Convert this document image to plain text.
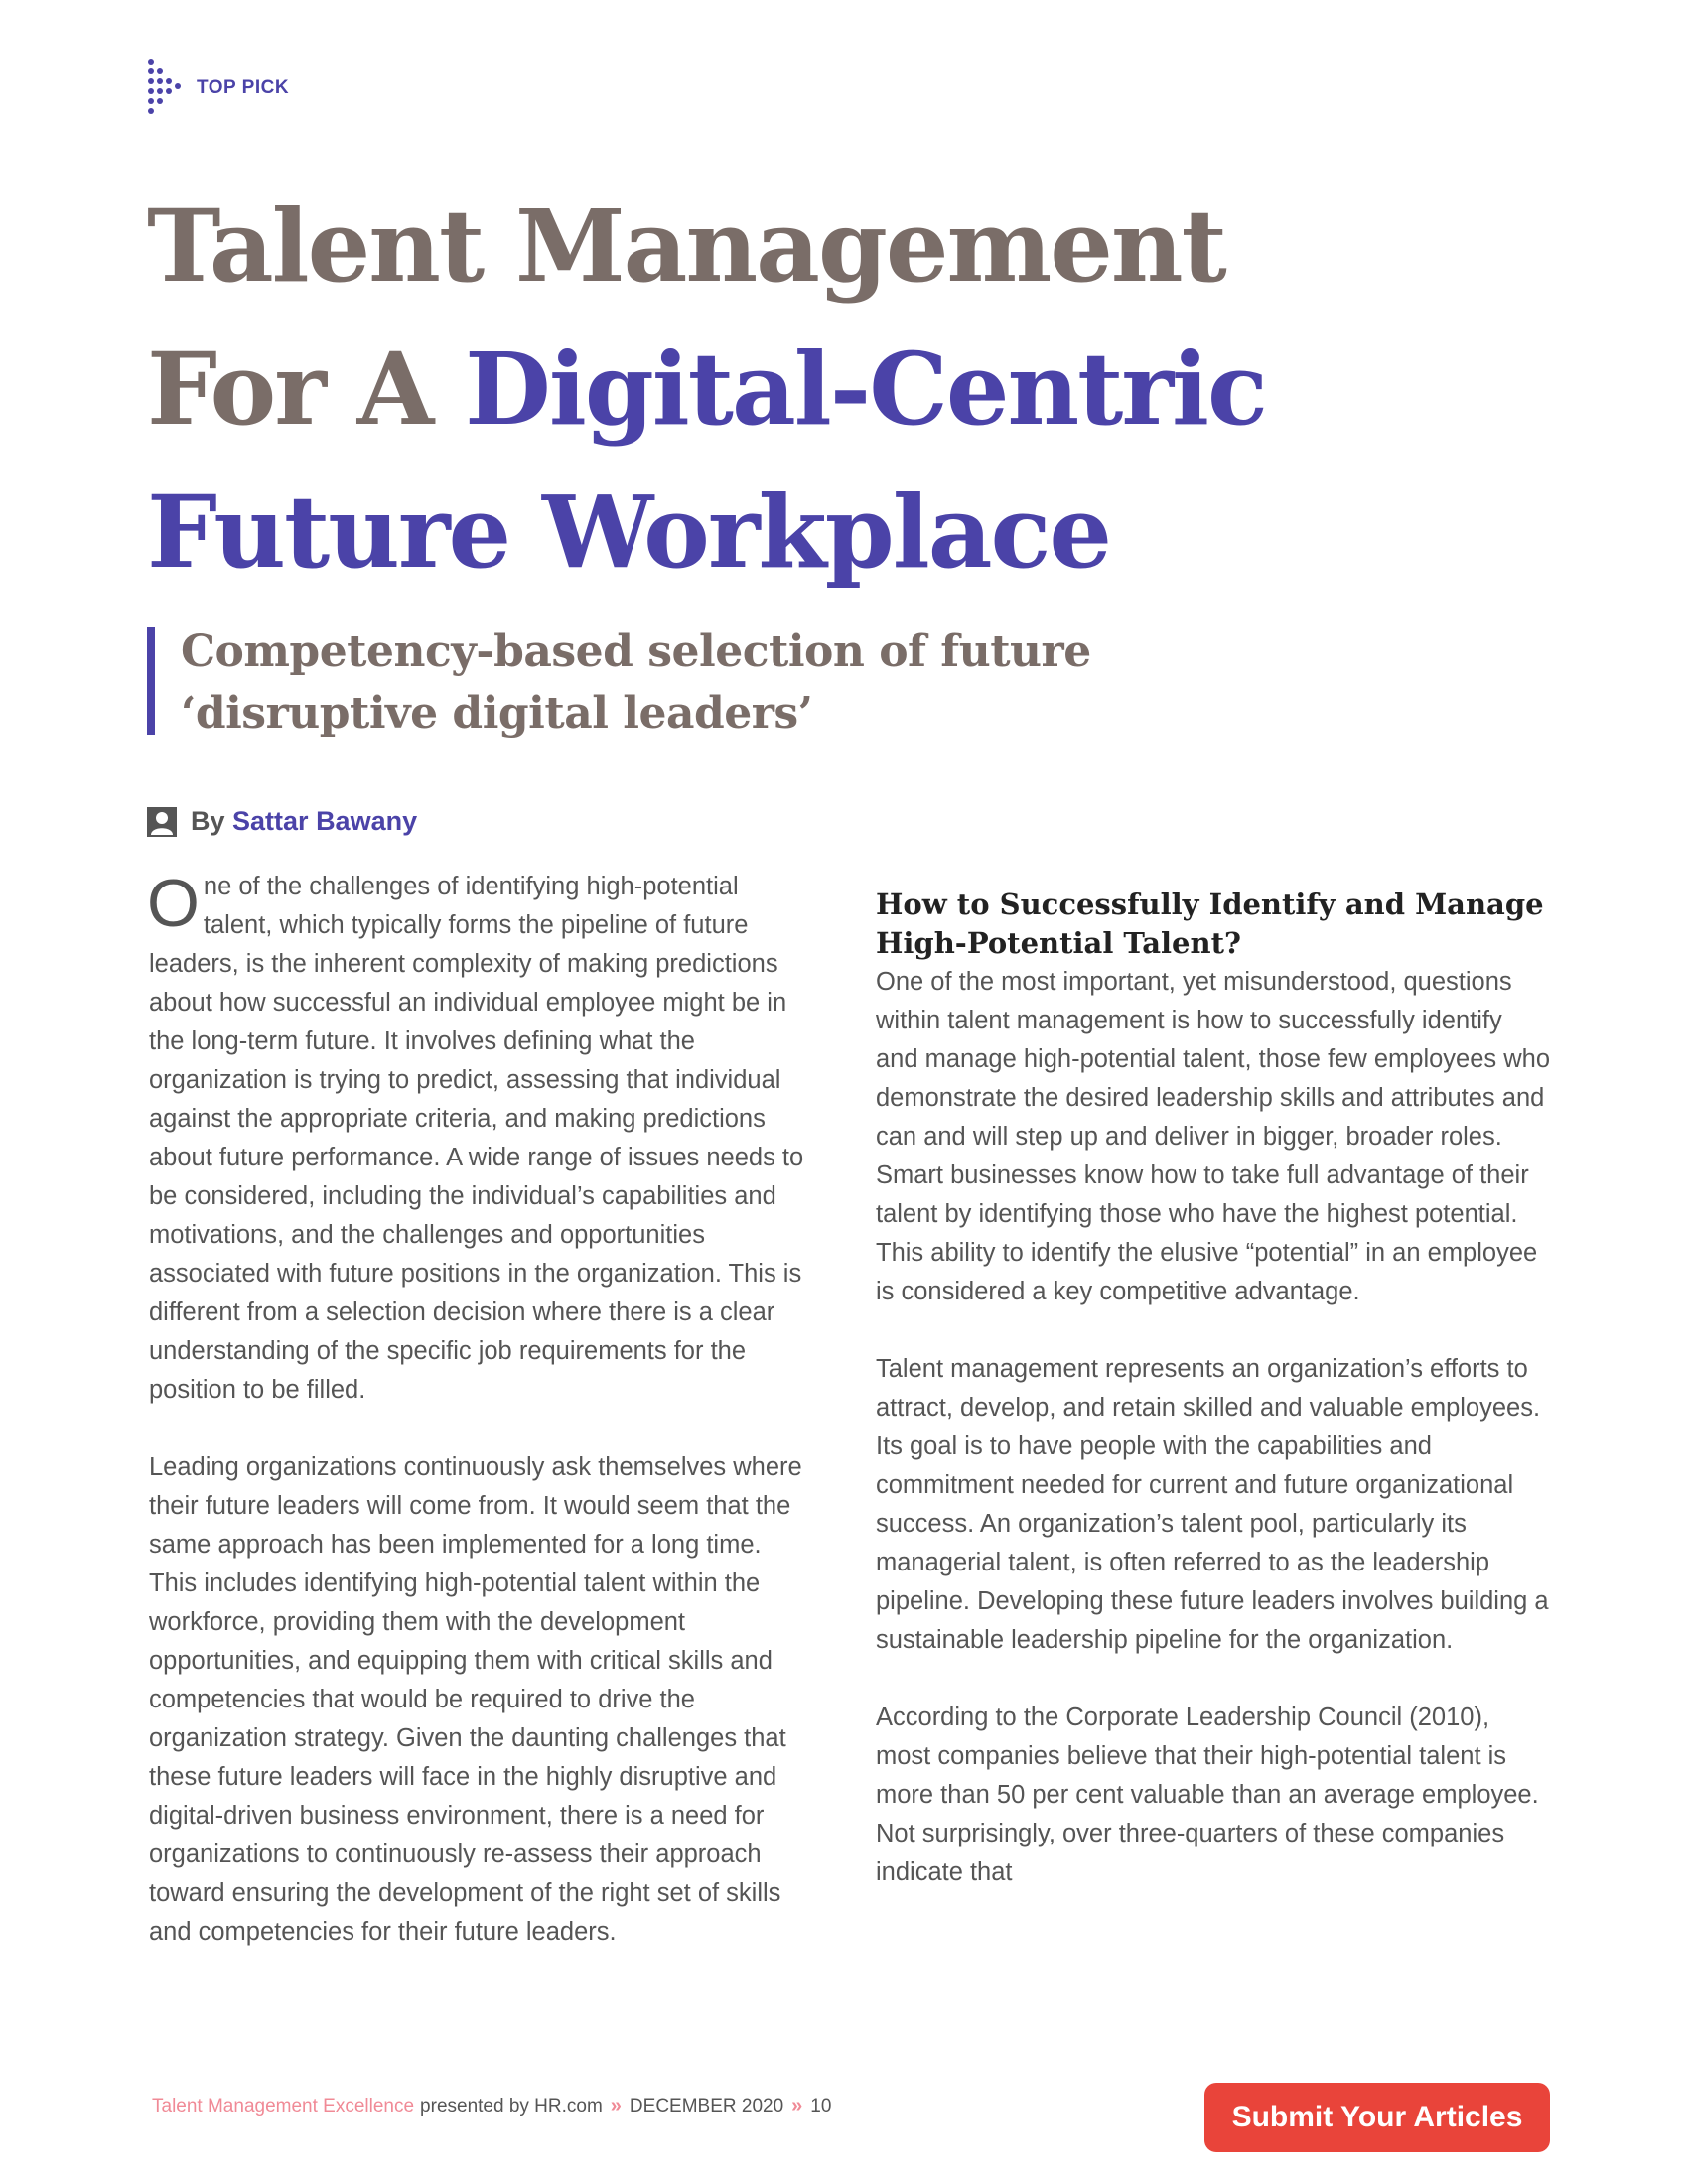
TOP PICK
Talent Management
For A Digital-Centric
Future Workplace

Competency-based selection of future ‘disruptive digital leaders’

By Sattar Bawany

One of the challenges of identifying high-potential talent, which typically forms the pipeline of future leaders, is the inherent complexity of making predictions about how successful an individual employee might be in the long-term future. It involves defining what the organization is trying to predict, assessing that individual against the appropriate criteria, and making predictions about future performance. A wide range of issues needs to be considered, including the individual’s capabilities and motivations, and the challenges and opportunities associated with future positions in the organization. This is different from a selection decision where there is a clear understanding of the specific job requirements for the position to be filled.

Leading organizations continuously ask themselves where their future leaders will come from. It would seem that the same approach has been implemented for a long time. This includes identifying high-potential talent within the workforce, providing them with the development opportunities, and equipping them with critical skills and competencies that would be required to drive the organization strategy. Given the daunting challenges that these future leaders will face in the highly disruptive and digital-driven business environment, there is a need for organizations to continuously re-assess their approach toward ensuring the development of the right set of skills and competencies for their future leaders.

How to Successfully Identify and Manage High-Potential Talent?

One of the most important, yet misunderstood, questions within talent management is how to successfully identify and manage high-potential talent, those few employees who demonstrate the desired leadership skills and attributes and can and will step up and deliver in bigger, broader roles. Smart businesses know how to take full advantage of their talent by identifying those who have the highest potential. This ability to identify the elusive “potential” in an employee is considered a key competitive advantage.

Talent management represents an organization’s efforts to attract, develop, and retain skilled and valuable employees. Its goal is to have people with the capabilities and commitment needed for current and future organizational success. An organization’s talent pool, particularly its managerial talent, is often referred to as the leadership pipeline. Developing these future leaders involves building a sustainable leadership pipeline for the organization.

According to the Corporate Leadership Council (2010), most companies believe that their high-potential talent is more than 50 per cent valuable than an average employee. Not surprisingly, over three-quarters of these companies indicate that

Talent Management Excellence presented by HR.com » DECEMBER 2020 » 10	Submit Your Articles
